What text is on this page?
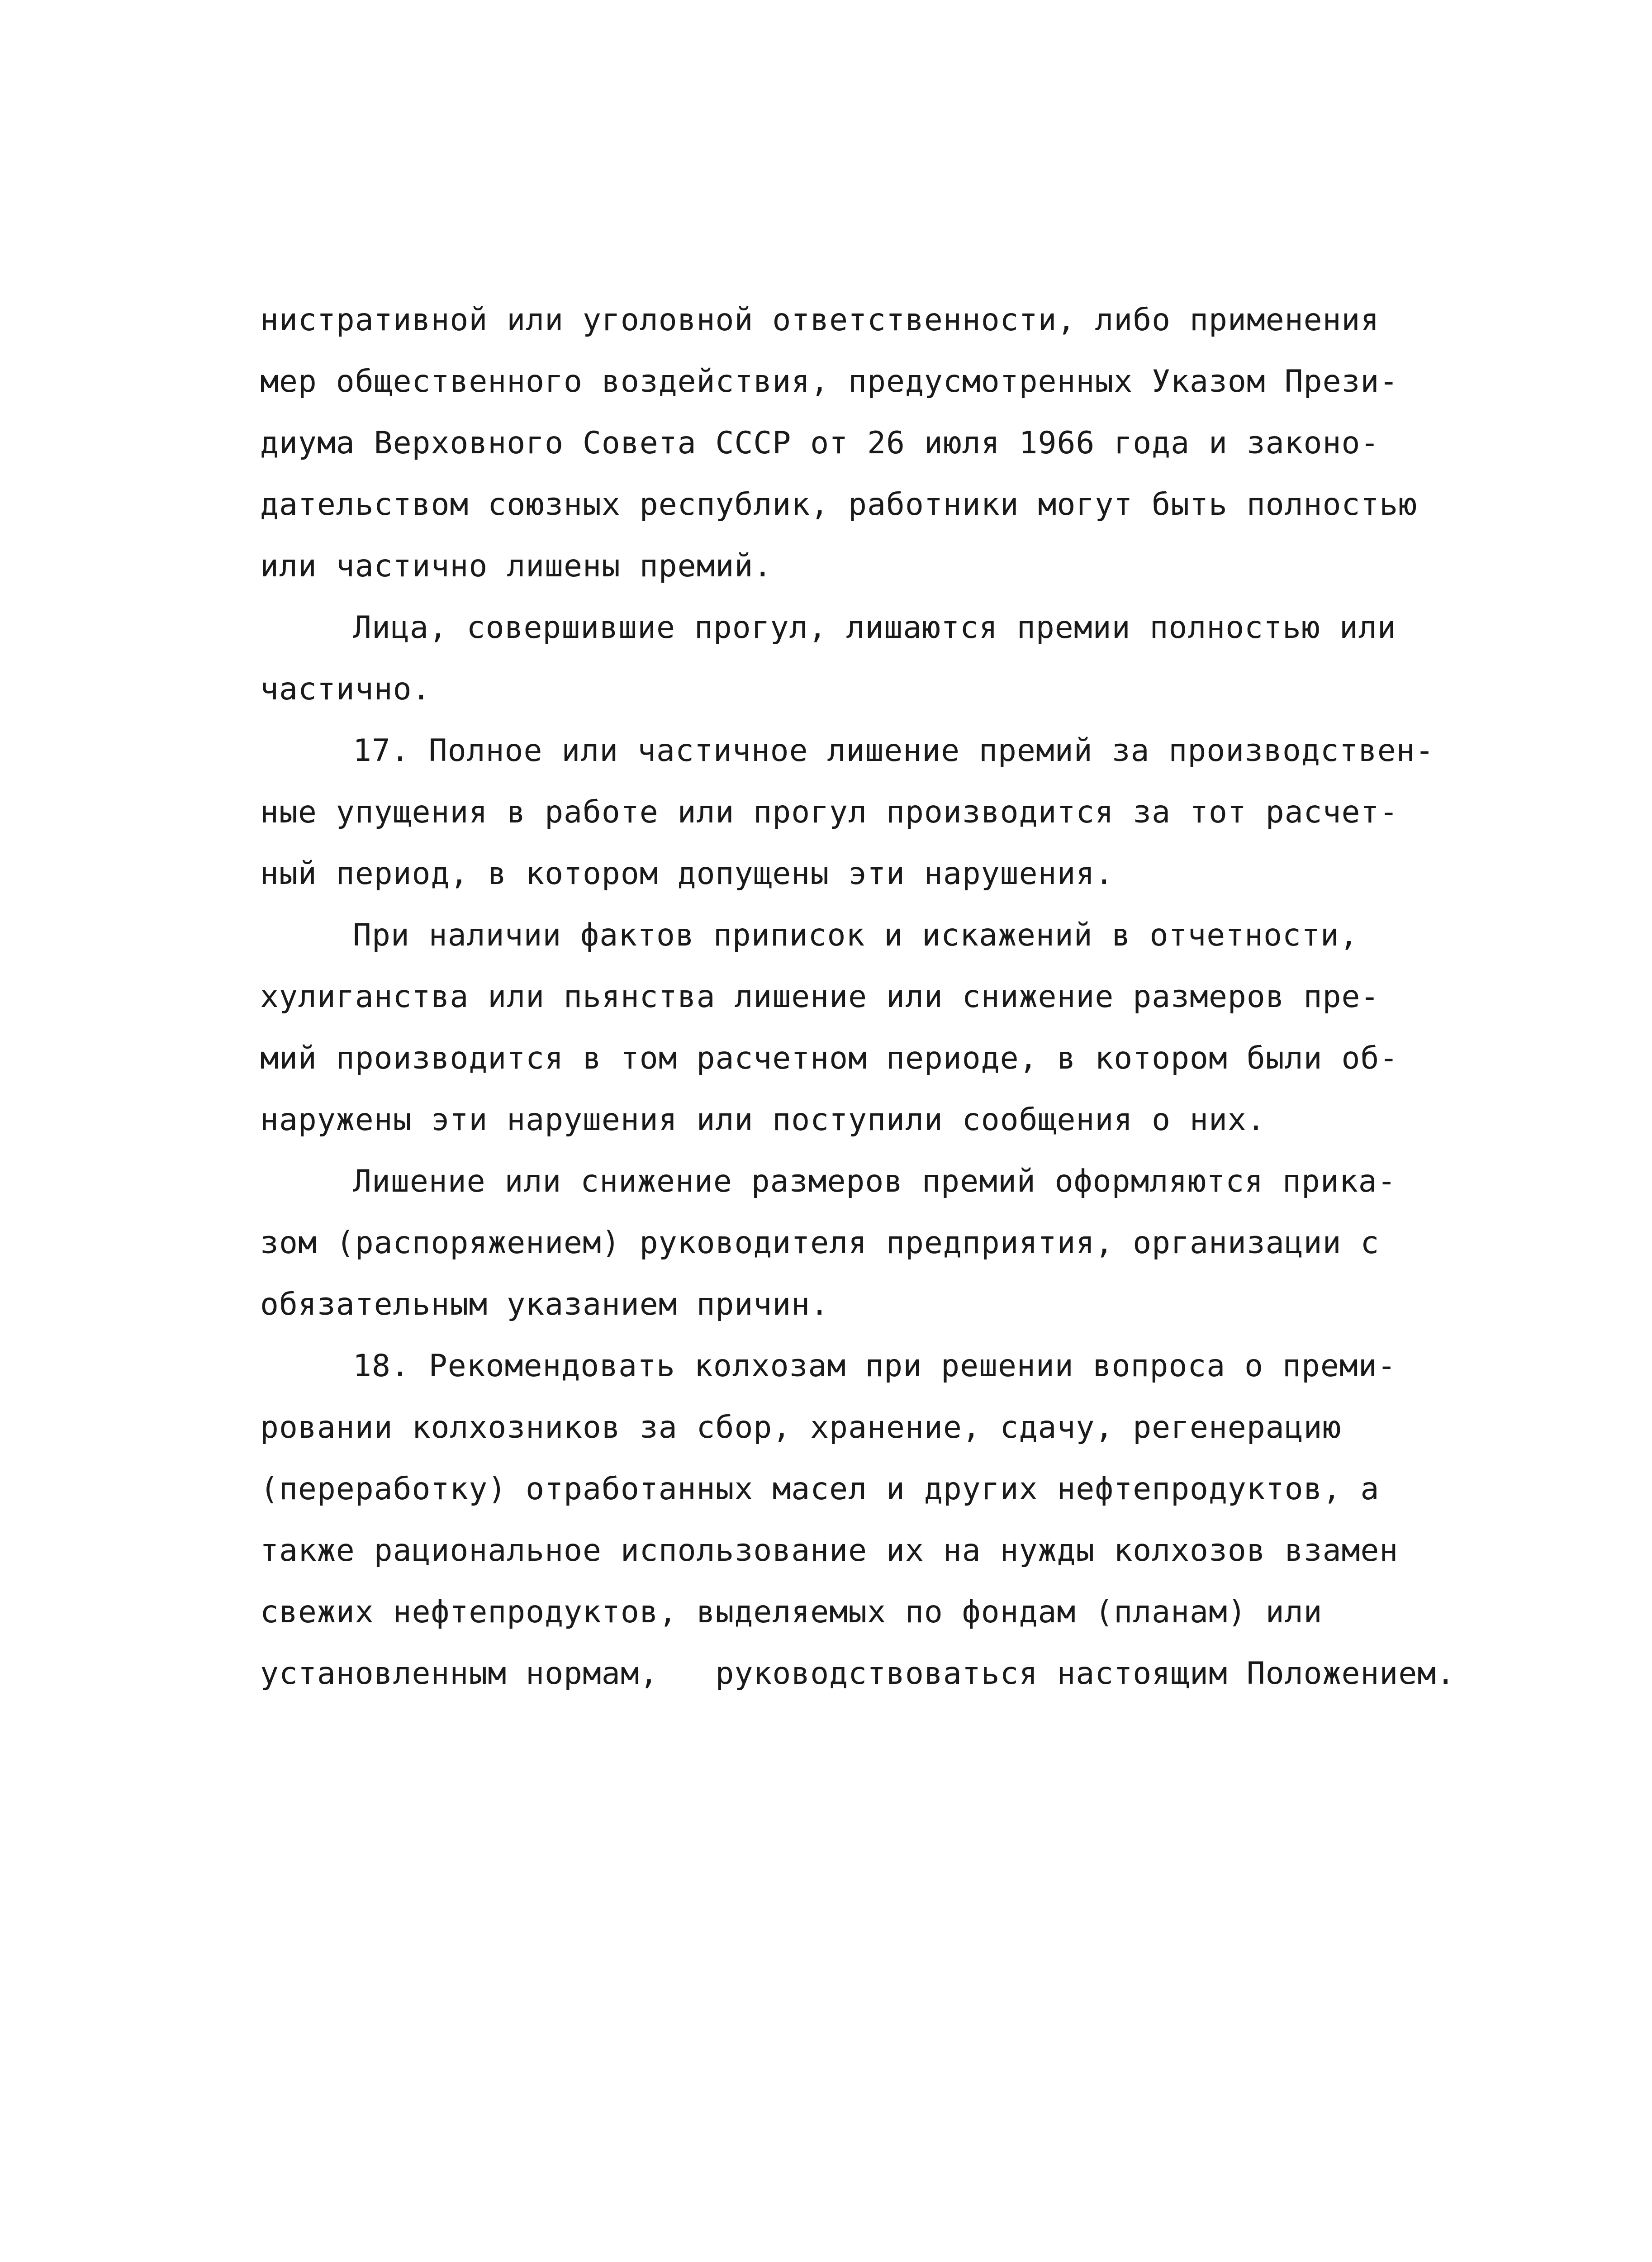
нистративной или уголовной ответственности, либо применения
мер общественного воздействия, предусмотренных Указом Прези-
диума Верховного Совета СССР от 26 июля 1966 года и законо-
дательством союзных республик, работники могут быть полностью
или частично лишены премий.
Лица, совершившие прогул, лишаются премии полностью или
частично.
17. Полное или частичное лишение премий за производствен-
ные упущения в работе или прогул производится за тот расчет-
ный период, в котором допущены эти нарушения.
При наличии фактов приписок и искажений в отчетности,
хулиганства или пьянства лишение или снижение размеров пре-
мий производится в том расчетном периоде, в котором были об-
наружены эти нарушения или поступили сообщения о них.
Лишение или снижение размеров премий оформляются прика-
зом (распоряжением) руководителя предприятия, организации с
обязательным указанием причин.
18. Рекомендовать колхозам при решении вопроса о преми-
ровании колхозников за сбор, хранение, сдачу, регенерацию
(переработку) отработанных масел и других нефтепродуктов, а
также рациональное использование их на нужды колхозов взамен
свежих нефтепродуктов, выделяемых по фондам (планам) или
установленным нормам,   руководствоваться настоящим Положением.
